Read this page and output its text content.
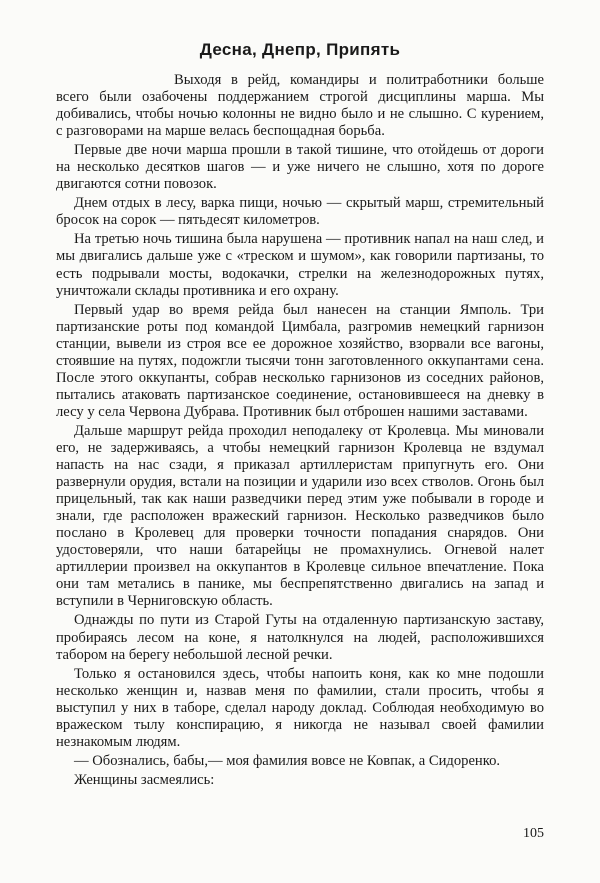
Десна, Днепр, Припять

Выходя в рейд, командиры и политработники больше всего были озабочены поддержанием строгой дисциплины марша. Мы добивались, чтобы ночью колонны не видно было и не слышно. С курением, с разговорами на марше велась беспощадная борьба.

Первые две ночи марша прошли в такой тишине, что отойдешь от дороги на несколько десятков шагов — и уже ничего не слышно, хотя по дороге двигаются сотни повозок.

Днем отдых в лесу, варка пищи, ночью — скрытый марш, стремительный бросок на сорок — пятьдесят километров.

На третью ночь тишина была нарушена — противник напал на наш след, и мы двигались дальше уже с «треском и шумом», как говорили партизаны, то есть подрывали мосты, водокачки, стрелки на железнодорожных путях, уничтожали склады противника и его охрану.

Первый удар во время рейда был нанесен на станции Ямполь. Три партизанские роты под командой Цимбала, разгромив немецкий гарнизон станции, вывели из строя все ее дорожное хозяйство, взорвали все вагоны, стоявшие на путях, подожгли тысячи тонн заготовленного оккупантами сена. После этого оккупанты, собрав несколько гарнизонов из соседних районов, пытались атаковать партизанское соединение, остановившееся на дневку в лесу у села Червона Дубрава. Противник был отброшен нашими заставами.

Дальше маршрут рейда проходил неподалеку от Кролевца. Мы миновали его, не задерживаясь, а чтобы немецкий гарнизон Кролевца не вздумал напасть на нас сзади, я приказал артиллеристам припугнуть его. Они развернули орудия, встали на позиции и ударили изо всех стволов. Огонь был прицельный, так как наши разведчики перед этим уже побывали в городе и знали, где расположен вражеский гарнизон. Несколько разведчиков было послано в Кролевец для проверки точности попадания снарядов. Они удостоверяли, что наши батарейцы не промахнулись. Огневой налет артиллерии произвел на оккупантов в Кролевце сильное впечатление. Пока они там метались в панике, мы беспрепятственно двигались на запад и вступили в Черниговскую область.

Однажды по пути из Старой Гуты на отдаленную партизанскую заставу, пробираясь лесом на коне, я натолкнулся на людей, расположившихся табором на берегу небольшой лесной речки.

Только я остановился здесь, чтобы напоить коня, как ко мне подошли несколько женщин и, назвав меня по фамилии, стали просить, чтобы я выступил у них в таборе, сделал народу доклад. Соблюдая необходимую во вражеском тылу конспирацию, я никогда не называл своей фамилии незнакомым людям.

— Обознались, бабы,— моя фамилия вовсе не Ковпак, а Сидоренко.

Женщины засмеялись:

105
